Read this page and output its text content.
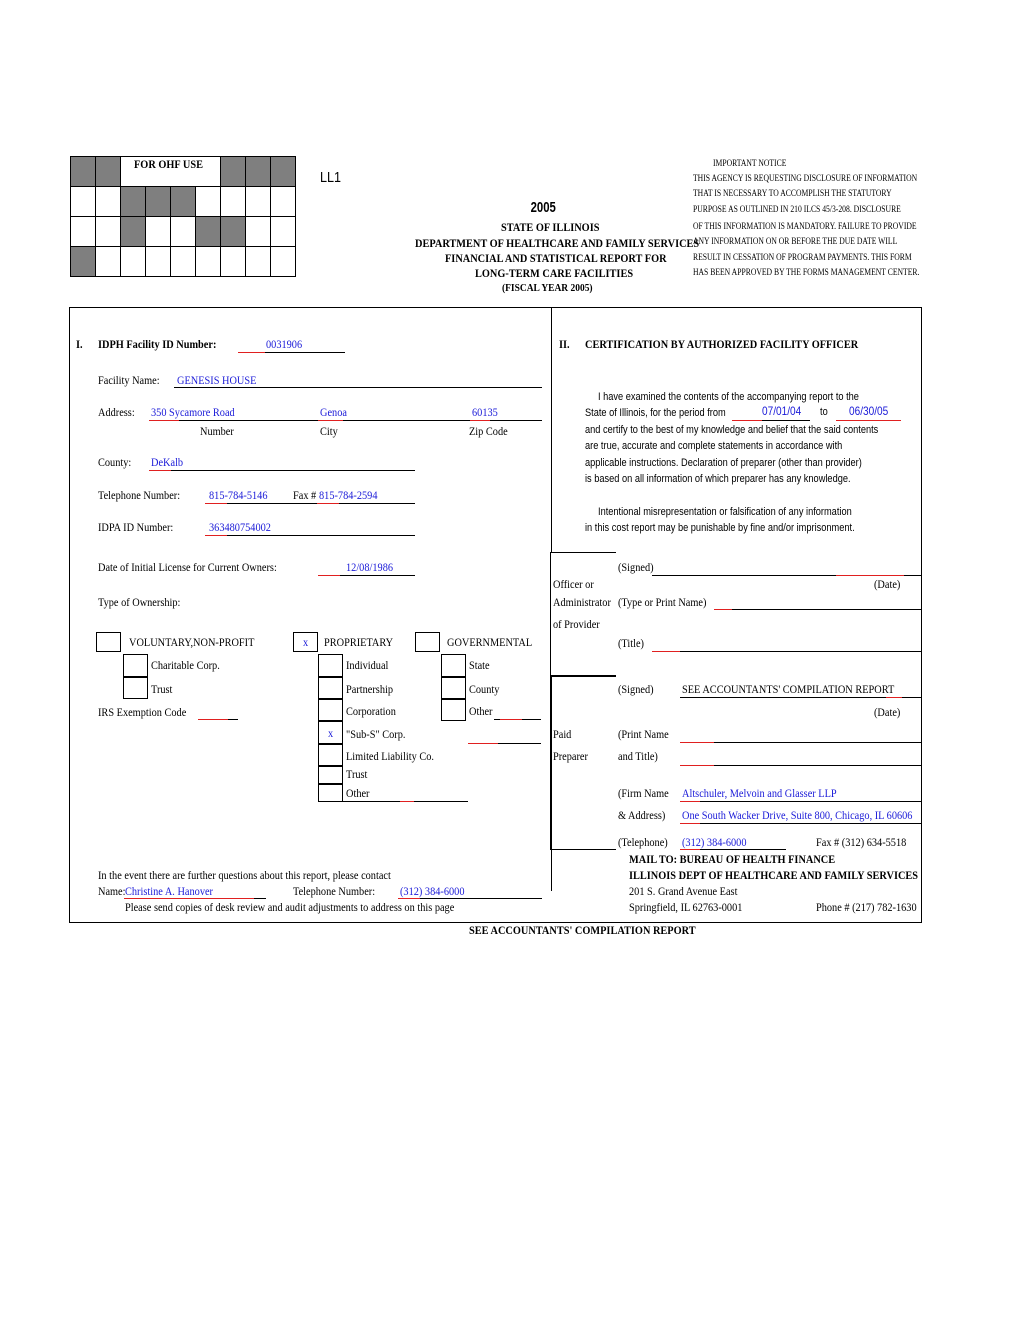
FOR OHF USE
LL1
2005
STATE OF ILLINOIS
DEPARTMENT OF HEALTHCARE AND FAMILY SERVICES
FINANCIAL AND STATISTICAL REPORT FOR
LONG-TERM CARE FACILITIES
(FISCAL YEAR 2005)
IMPORTANT NOTICE
THIS AGENCY IS REQUESTING DISCLOSURE OF INFORMATION
THAT IS NECESSARY TO ACCOMPLISH THE STATUTORY
PURPOSE AS OUTLINED IN 210 ILCS 45/3-208. DISCLOSURE
OF THIS INFORMATION IS MANDATORY. FAILURE TO PROVIDE
ANY INFORMATION ON OR BEFORE THE DUE DATE WILL
RESULT IN CESSATION OF PROGRAM PAYMENTS. THIS FORM
HAS BEEN APPROVED BY THE FORMS MANAGEMENT CENTER.
I. IDPH Facility ID Number:	0031906
Facility Name: GENESIS HOUSE
Address: 350 Sycamore Road	Genoa	60135
Number	City	Zip Code
County: DeKalb
Telephone Number: 815-784-5146 Fax # 815-784-2594
IDPA ID Number:	363480754002
Date of Initial License for Current Owners:	12/08/1986
Type of Ownership:
VOLUNTARY,NON-PROFIT	x PROPRIETARY	GOVERNMENTAL
Charitable Corp.
Trust
IRS Exemption Code
Individual
Partnership
Corporation
x "Sub-S" Corp.
Limited Liability Co.
Trust
Other
State
County
Other
In the event there are further questions about this report, please contact
Name: Christine A. Hanover	Telephone Number: (312) 384-6000
Please send copies of desk review and audit adjustments to address on this page
II. CERTIFICATION BY AUTHORIZED FACILITY OFFICER
I have examined the contents of the accompanying report to the
State of Illinois, for the period from	07/01/04 to 06/30/05
and certify to the best of my knowledge and belief that the said contents
are true, accurate and complete statements in accordance with
applicable instructions. Declaration of preparer (other than provider)
is based on all information of which preparer has any knowledge.
Intentional misrepresentation or falsification of any information
in this cost report may be punishable by fine and/or imprisonment.
Officer or
Administrator
of Provider
(Signed)
(Date)
(Type or Print Name)
(Title)
Paid
Preparer
(Signed) SEE ACCOUNTANTS' COMPILATION REPORT
(Date)
(Print Name
and Title)
(Firm Name Altschuler, Melvoin and Glasser LLP
& Address) One South Wacker Drive, Suite 800, Chicago, IL 60606
(Telephone) (312) 384-6000	Fax # (312) 634-5518
MAIL TO: BUREAU OF HEALTH FINANCE
ILLINOIS DEPT OF HEALTHCARE AND FAMILY SERVICES
201 S. Grand Avenue East
Springfield, IL 62763-0001	Phone # (217) 782-1630
SEE ACCOUNTANTS' COMPILATION REPORT
